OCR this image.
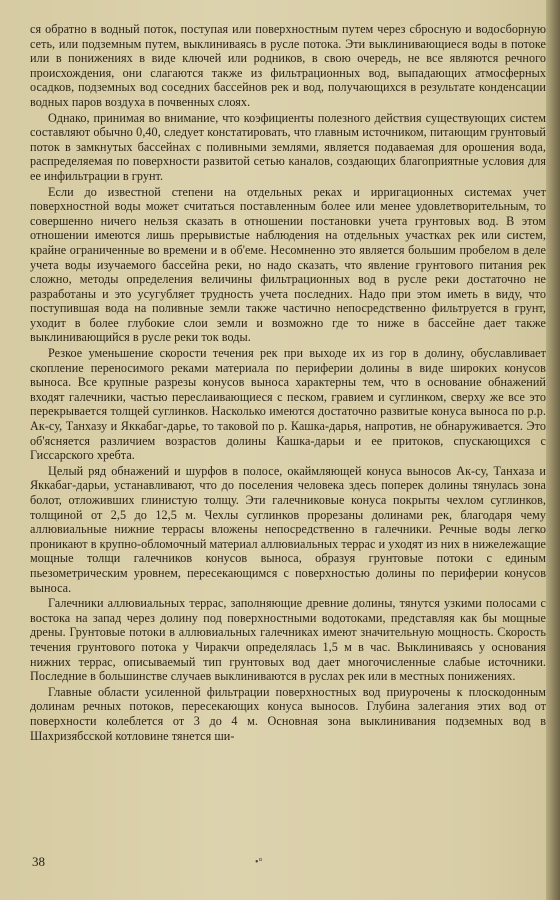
ся обратно в водный поток, поступая или поверхностным путем через сбросную и водосборную сеть, или подземным путем, выклиниваясь в русле потока. Эти выклинивающиеся воды в потоке или в понижениях в виде ключей или родников, в свою очередь, не все являются речного происхождения, они слагаются также из фильтрационных вод, выпадающих атмосферных осадков, подземных вод соседних бассейнов рек и вод, получающихся в результате конденсации водных паров воздуха в почвенных слоях.

Однако, принимая во внимание, что коэфициенты полезного действия существующих систем составляют обычно 0,40, следует констатировать, что главным источником, питающим грунтовый поток в замкнутых бассейнах с поливными землями, является подаваемая для орошения вода, распределяемая по поверхности развитой сетью каналов, создающих благоприятные условия для ее инфильтрации в грунт.

Если до известной степени на отдельных реках и ирригационных системах учет поверхностной воды может считаться поставленным более или менее удовлетворительным, то совершенно ничего нельзя сказать в отношении постановки учета грунтовых вод. В этом отношении имеются лишь прерывистые наблюдения на отдельных участках рек или систем, крайне ограниченные во времени и в об'еме. Несомненно это является большим пробелом в деле учета воды изучаемого бассейна реки, но надо сказать, что явление грунтового питания рек сложно, методы определения величины фильтрационных вод в русле реки достаточно не разработаны и это усугубляет трудность учета последних. Надо при этом иметь в виду, что поступившая вода на поливные земли также частично непосредственно фильтруется в грунт, уходит в более глубокие слои земли и возможно где то ниже в бассейне дает также выклинивающийся в русле реки ток воды.

Резкое уменьшение скорости течения рек при выходе их из гор в долину, обуславливает скопление переносимого реками материала по периферии долины в виде широких конусов выноса. Все крупные разрезы конусов выноса характерны тем, что в основание обнажений входят галечники, частью переслаивающиеся с песком, гравием и суглинком, сверху же все это перекрывается толщей суглинков. Насколько имеются достаточно развитые конуса выноса по р.р. Ак-су, Танхазу и Яккабаг-дарье, то таковой по р. Кашка-дарья, напротив, не обнаруживается. Это об'ясняется различием возрастов долины Кашка-дарьи и ее притоков, спускающихся с Гиссарского хребта.

Целый ряд обнажений и шурфов в полосе, окаймляющей конуса выносов Ак-су, Танхаза и Яккабаг-дарьи, устанавливают, что до поселения человека здесь поперек долины тянулась зона болот, отложивших глинистую толщу. Эти галечниковые конуса покрыты чехлом суглинков, толщиной от 2,5 до 12,5 м. Чехлы суглинков прорезаны долинами рек, благодаря чему аллювиальные нижние террасы вложены непосредственно в галечники. Речные воды легко проникают в крупно-обломочный материал аллювиальных террас и уходят из них в нижележащие мощные толщи галечников конусов выноса, образуя грунтовые потоки с единым пьезометрическим уровнем, пересекающимся с поверхностью долины по периферии конусов выноса.

Галечники аллювиальных террас, заполняющие древние долины, тянутся узкими полосами с востока на запад через долину под поверхностными водотоками, представляя как бы мощные дрены. Грунтовые потоки в аллювиальных галечниках имеют значительную мощность. Скорость течения грунтового потока у Чиракчи определялась 1,5 м в час. Выклиниваясь у основания нижних террас, описываемый тип грунтовых вод дает многочисленные слабые источники. Последние в большинстве случаев выклиниваются в руслах рек или в местных понижениях.

Главные области усиленной фильтрации поверхностных вод приурочены к плоскодонным долинам речных потоков, пересекающих конуса выносов. Глубина залегания этих вод от поверхности колеблется от 3 до 4 м. Основная зона выклинивания подземных вод в Шахризябсской котловине тянется ши-

38	•°
